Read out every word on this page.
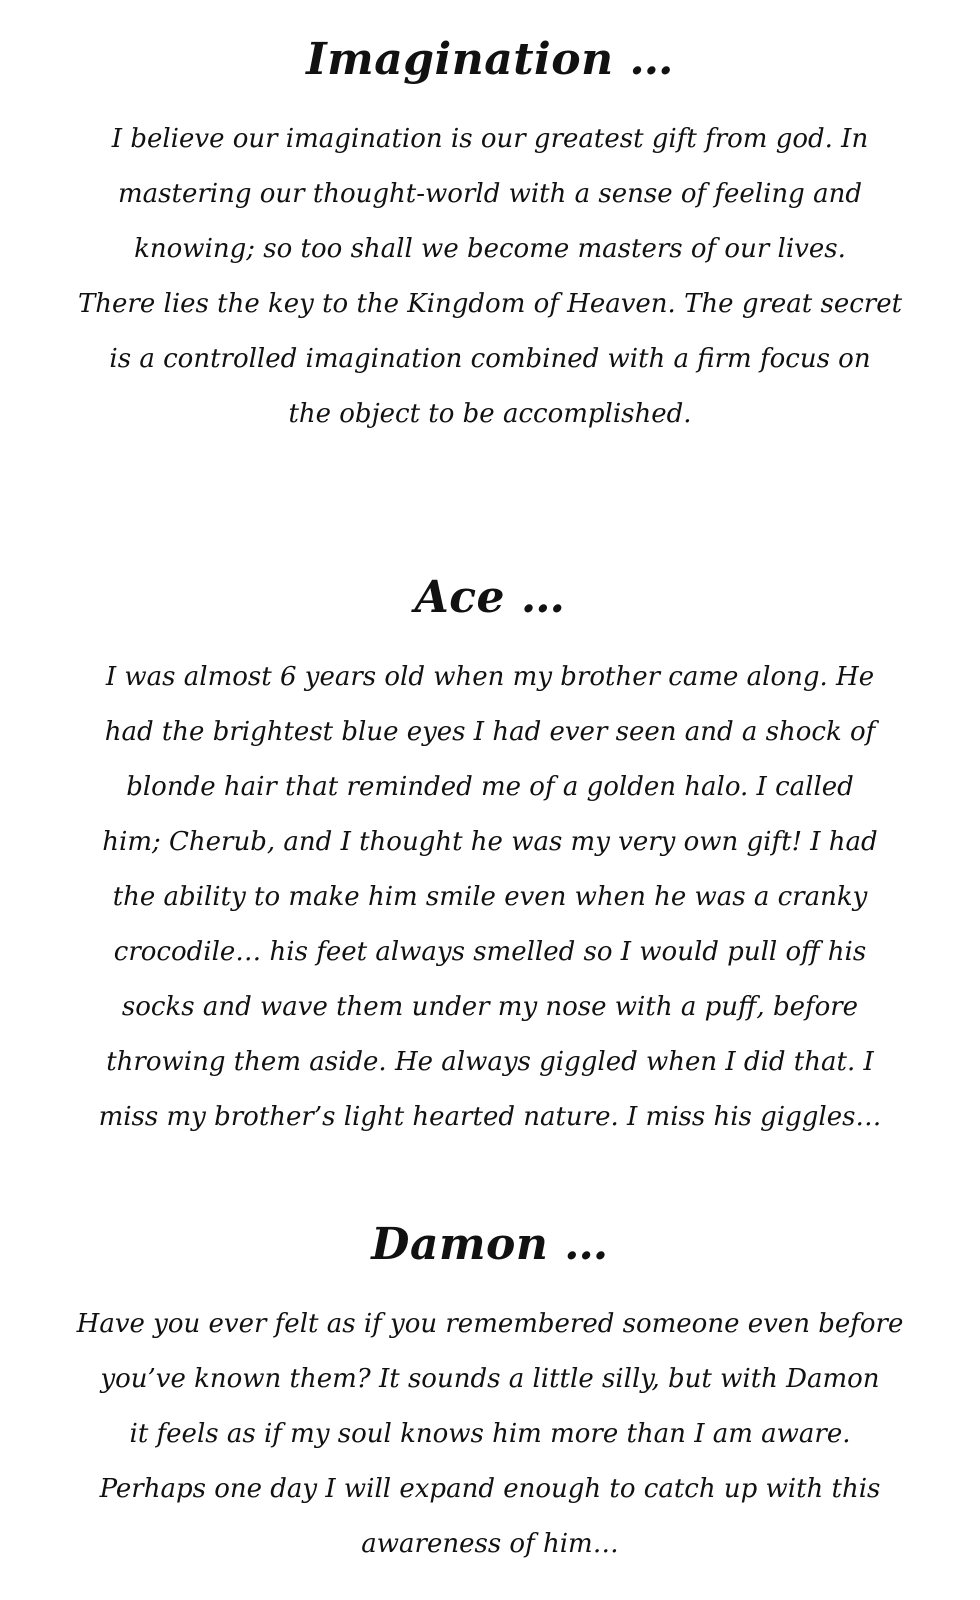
Imagination …

I believe our imagination is our greatest gift from god. In
mastering our thought-world with a sense of feeling and
knowing; so too shall we become masters of our lives.
There lies the key to the Kingdom of Heaven. The great secret
is a controlled imagination combined with a firm focus on
the object to be accomplished.

Ace …

I was almost 6 years old when my brother came along. He
had the brightest blue eyes I had ever seen and a shock of
blonde hair that reminded me of a golden halo. I called
him; Cherub, and I thought he was my very own gift! I had
the ability to make him smile even when he was a cranky
crocodile… his feet always smelled so I would pull off his
socks and wave them under my nose with a puff, before
throwing them aside. He always giggled when I did that. I
miss my brother’s light hearted nature. I miss his giggles…

Damon …

Have you ever felt as if you remembered someone even before
you’ve known them? It sounds a little silly, but with Damon
it feels as if my soul knows him more than I am aware.
Perhaps one day I will expand enough to catch up with this
awareness of him…
